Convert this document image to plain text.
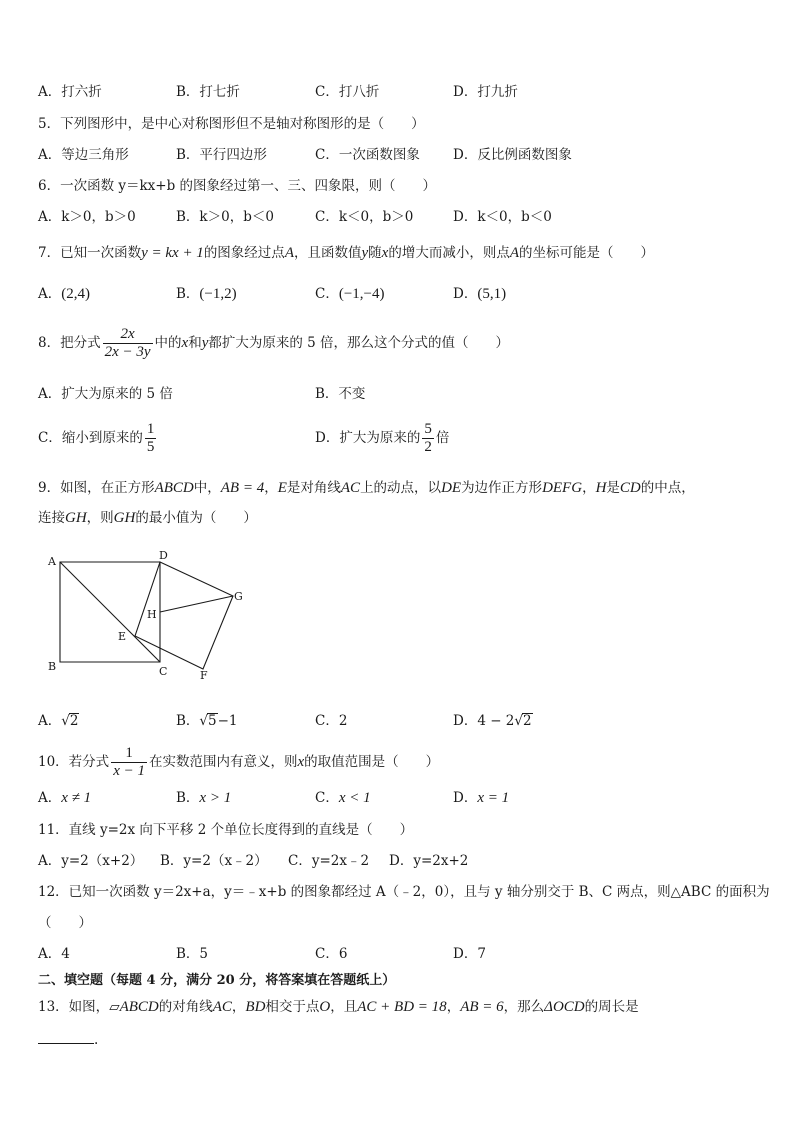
A．打六折	B．打七折	C．打八折	D．打九折
5．下列图形中，是中心对称图形但不是轴对称图形的是（　　）
A．等边三角形	B．平行四边形	C．一次函数图象 D．反比例函数图象
6．一次函数 y＝kx+b 的图象经过第一、三、四象限，则（　　）
A．k＞0，b＞0	B．k＞0，b＜0	C．k＜0，b＞0	D．k＜0，b＜0
7．已知一次函数y = kx + 1的图象经过点A，且函数值y随x的增大而减小，则点A的坐标可能是（　　）
A．(2,4)	B．(−1,2)	C．(−1,−4)	D．(5,1)
8．把分式 $\frac{2x}{2x - 3y}$ 中的x和y都扩大为原来的 5 倍，那么这个分式的值（　　）
A．扩大为原来的 5 倍	B．不变
C．缩小到原来的 $\frac{1}{5}$	D．扩大为原来的 $\frac{5}{2}$ 倍
9．如图，在正方形ABCD中，AB = 4，E是对角线AC上的动点，以DE为边作正方形DEFG，H是CD的中点，
连接GH，则GH的最小值为（　　）
A
B	C
D
E
F
G
H
A．√2	B．√5−1	C．2	D．4 − 2√2
10．若分式 $\frac{1}{x - 1}$ 在实数范围内有意义，则x的取值范围是（　　）
A．x ≠ 1	B．x > 1	C．x < 1	D．x = 1
11．直线 y=2x 向下平移 2 个单位长度得到的直线是（　　）
A．y=2（x+2） B．y=2（x﹣2） C．y=2x﹣2 D．y=2x+2
12．已知一次函数 y＝2x+a，y＝﹣x+b 的图象都经过 A（﹣2，0），且与 y 轴分别交于 B、C 两点，则△ABC 的面积为
（　　）
A．4	B．5	C．6	D．7
二、填空题（每题 4 分，满分 20 分，将答案填在答题纸上）
13．如图，▱ABCD的对角线AC，BD相交于点O，且AC + BD = 18，AB = 6，那么ΔOCD的周长是
.
